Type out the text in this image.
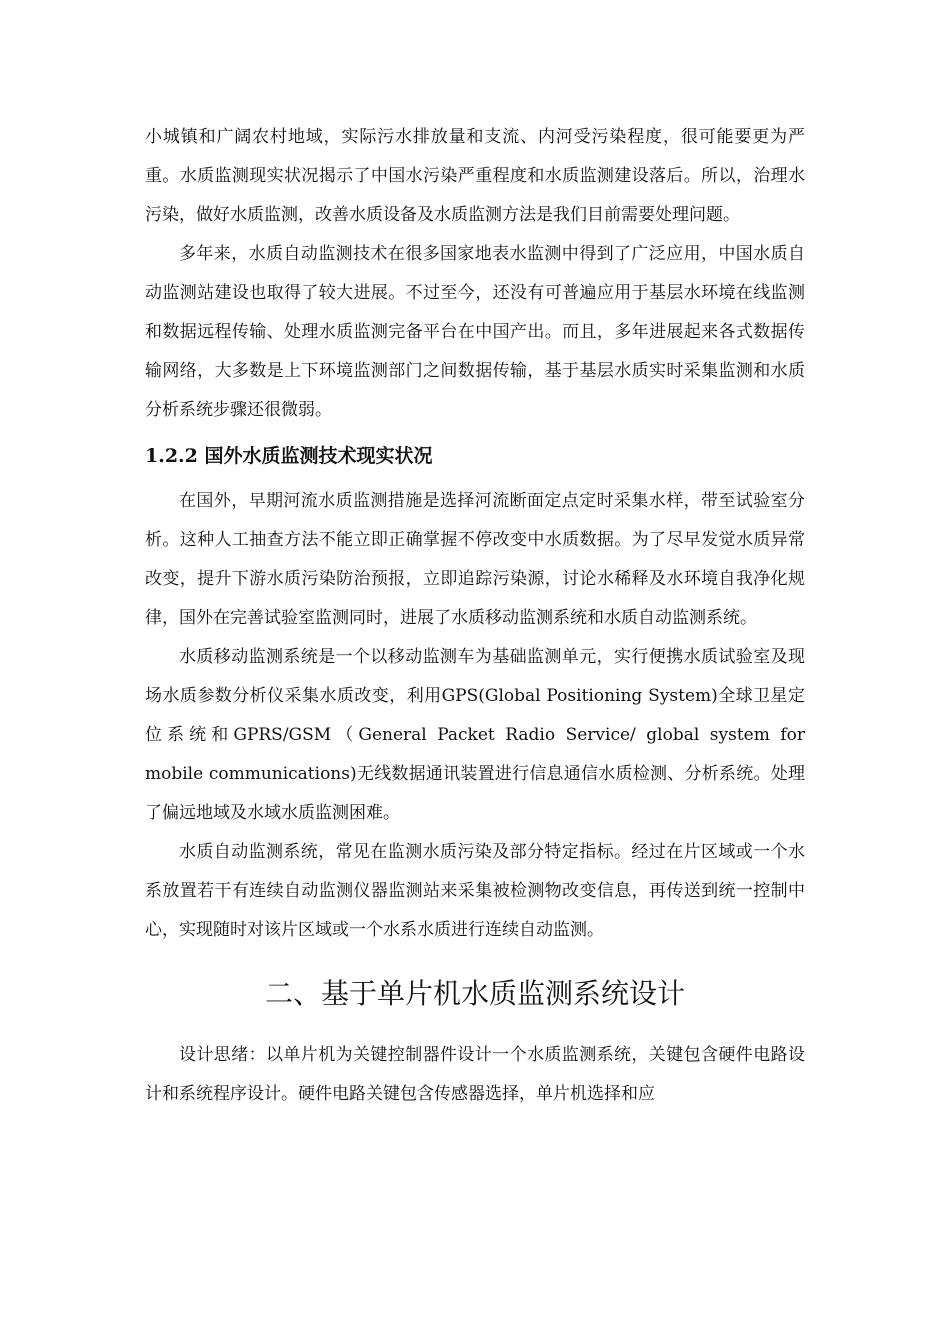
小城镇和广阔农村地域，实际污水排放量和支流、内河受污染程度，很可能要更为严重。水质监测现实状况揭示了中国水污染严重程度和水质监测建设落后。所以，治理水污染，做好水质监测，改善水质设备及水质监测方法是我们目前需要处理问题。

多年来，水质自动监测技术在很多国家地表水监测中得到了广泛应用，中国水质自动监测站建设也取得了较大进展。不过至今，还没有可普遍应用于基层水环境在线监测和数据远程传输、处理水质监测完备平台在中国产出。而且，多年进展起来各式数据传输网络，大多数是上下环境监测部门之间数据传输，基于基层水质实时采集监测和水质分析系统步骤还很微弱。

1.2.2 国外水质监测技术现实状况

在国外，早期河流水质监测措施是选择河流断面定点定时采集水样，带至试验室分析。这种人工抽查方法不能立即正确掌握不停改变中水质数据。为了尽早发觉水质异常改变，提升下游水质污染防治预报，立即追踪污染源，讨论水稀释及水环境自我净化规律，国外在完善试验室监测同时，进展了水质移动监测系统和水质自动监测系统。

水质移动监测系统是一个以移动监测车为基础监测单元，实行便携水质试验室及现场水质参数分析仪采集水质改变，利用GPS(Global Positioning System)全球卫星定位系统和GPRS/GSM（General Packet Radio Service/ global system for mobile communications)无线数据通讯装置进行信息通信水质检测、分析系统。处理了偏远地域及水域水质监测困难。

水质自动监测系统，常见在监测水质污染及部分特定指标。经过在片区域或一个水系放置若干有连续自动监测仪器监测站来采集被检测物改变信息，再传送到统一控制中心，实现随时对该片区域或一个水系水质进行连续自动监测。

二、基于单片机水质监测系统设计

设计思绪：以单片机为关键控制器件设计一个水质监测系统，关键包含硬件电路设计和系统程序设计。硬件电路关键包含传感器选择，单片机选择和应
